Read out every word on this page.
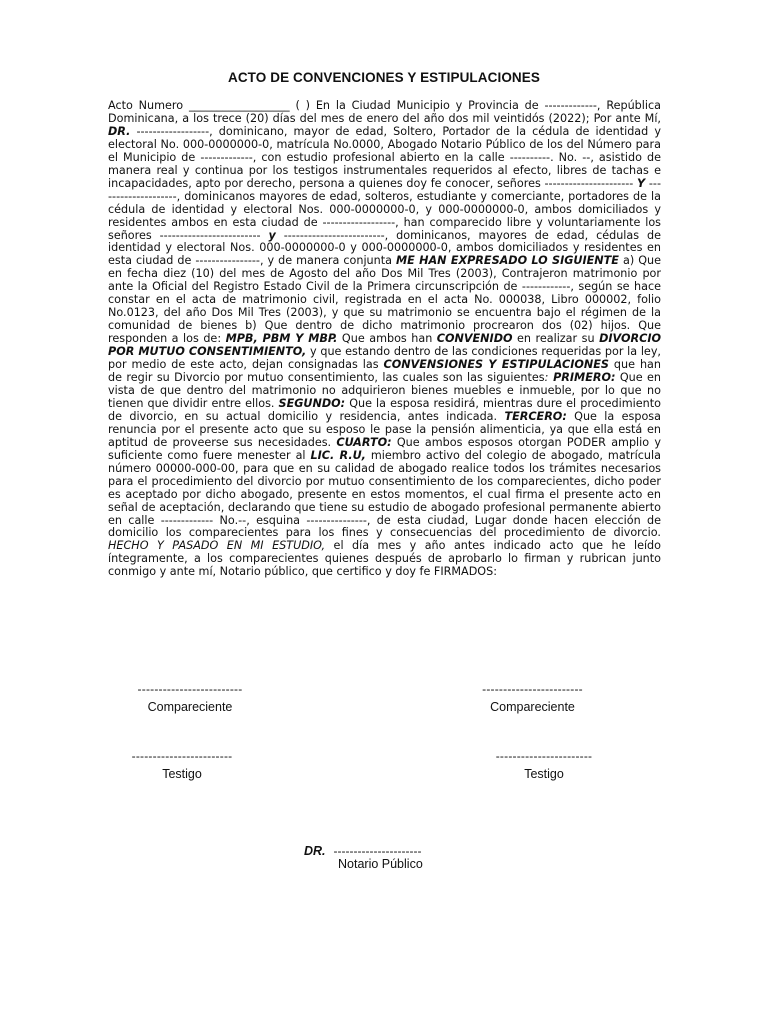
ACTO DE CONVENCIONES Y ESTIPULACIONES
Acto Numero __________________ ( ) En la Ciudad Municipio y Provincia de -------------, República Dominicana, a los trece (20) días del mes de enero del año dos mil veintidós (2022); Por ante Mí, DR. ------------------, dominicano, mayor de edad, Soltero, Portador de la cédula de identidad y electoral No. 000-0000000-0, matrícula No.0000, Abogado Notario Público de los del Número para el Municipio de -------------, con estudio profesional abierto en la calle ----------. No. --, asistido de manera real y continua por los testigos instrumentales requeridos al efecto, libres de tachas e incapacidades, apto por derecho, persona a quienes doy fe conocer, señores ---------------------- Y --------------------, dominicanos mayores de edad, solteros, estudiante y comerciante, portadores de la cédula de identidad y electoral Nos. 000-0000000-0, y 000-0000000-0, ambos domiciliados y residentes ambos en esta ciudad de ------------------, han comparecido libre y voluntariamente los señores ------------------------- y -------------------------, dominicanos, mayores de edad, cédulas de identidad y electoral Nos. 000-0000000-0 y 000-0000000-0, ambos domiciliados y residentes en esta ciudad de ----------------, y de manera conjunta ME HAN EXPRESADO LO SIGUIENTE a) Que en fecha diez (10) del mes de Agosto del año Dos Mil Tres (2003), Contrajeron matrimonio por ante la Oficial del Registro Estado Civil de la Primera circunscripción de ------------, según se hace constar en el acta de matrimonio civil, registrada en el acta No. 000038, Libro 000002, folio No.0123, del año Dos Mil Tres (2003), y que su matrimonio se encuentra bajo el régimen de la comunidad de bienes b) Que dentro de dicho matrimonio procrearon dos (02) hijos. Que responden a los de: MPB, PBM Y MBP. Que ambos han CONVENIDO en realizar su DIVORCIO POR MUTUO CONSENTIMIENTO, y que estando dentro de las condiciones requeridas por la ley, por medio de este acto, dejan consignadas las CONVENSIONES Y ESTIPULACIONES que han de regir su Divorcio por mutuo consentimiento, las cuales son las siguientes: PRIMERO: Que en vista de que dentro del matrimonio no adquirieron bienes muebles e inmueble, por lo que no tienen que dividir entre ellos. SEGUNDO: Que la esposa residirá, mientras dure el procedimiento de divorcio, en su actual domicilio y residencia, antes indicada. TERCERO: Que la esposa renuncia por el presente acto que su esposo le pase la pensión alimenticia, ya que ella está en aptitud de proveerse sus necesidades. CUARTO: Que ambos esposos otorgan PODER amplio y suficiente como fuere menester al LIC. R.U, miembro activo del colegio de abogado, matrícula número 00000-000-00, para que en su calidad de abogado realice todos los trámites necesarios para el procedimiento del divorcio por mutuo consentimiento de los comparecientes, dicho poder es aceptado por dicho abogado, presente en estos momentos, el cual firma el presente acto en señal de aceptación, declarando que tiene su estudio de abogado profesional permanente abierto en calle ------------- No.--, esquina ---------------, de esta ciudad, Lugar donde hacen elección de domicilio los comparecientes para los fines y consecuencias del procedimiento de divorcio. HECHO Y PASADO EN MI ESTUDIO, el día mes y año antes indicado acto que he leído íntegramente, a los comparecientes quienes después de aprobarlo lo firman y rubrican junto conmigo y ante mí, Notario público, que certifico y doy fe FIRMADOS:
-------------------------
Compareciente
------------------------
Compareciente
------------------------
Testigo
-----------------------
Testigo
DR. ----------------------
Notario Público
